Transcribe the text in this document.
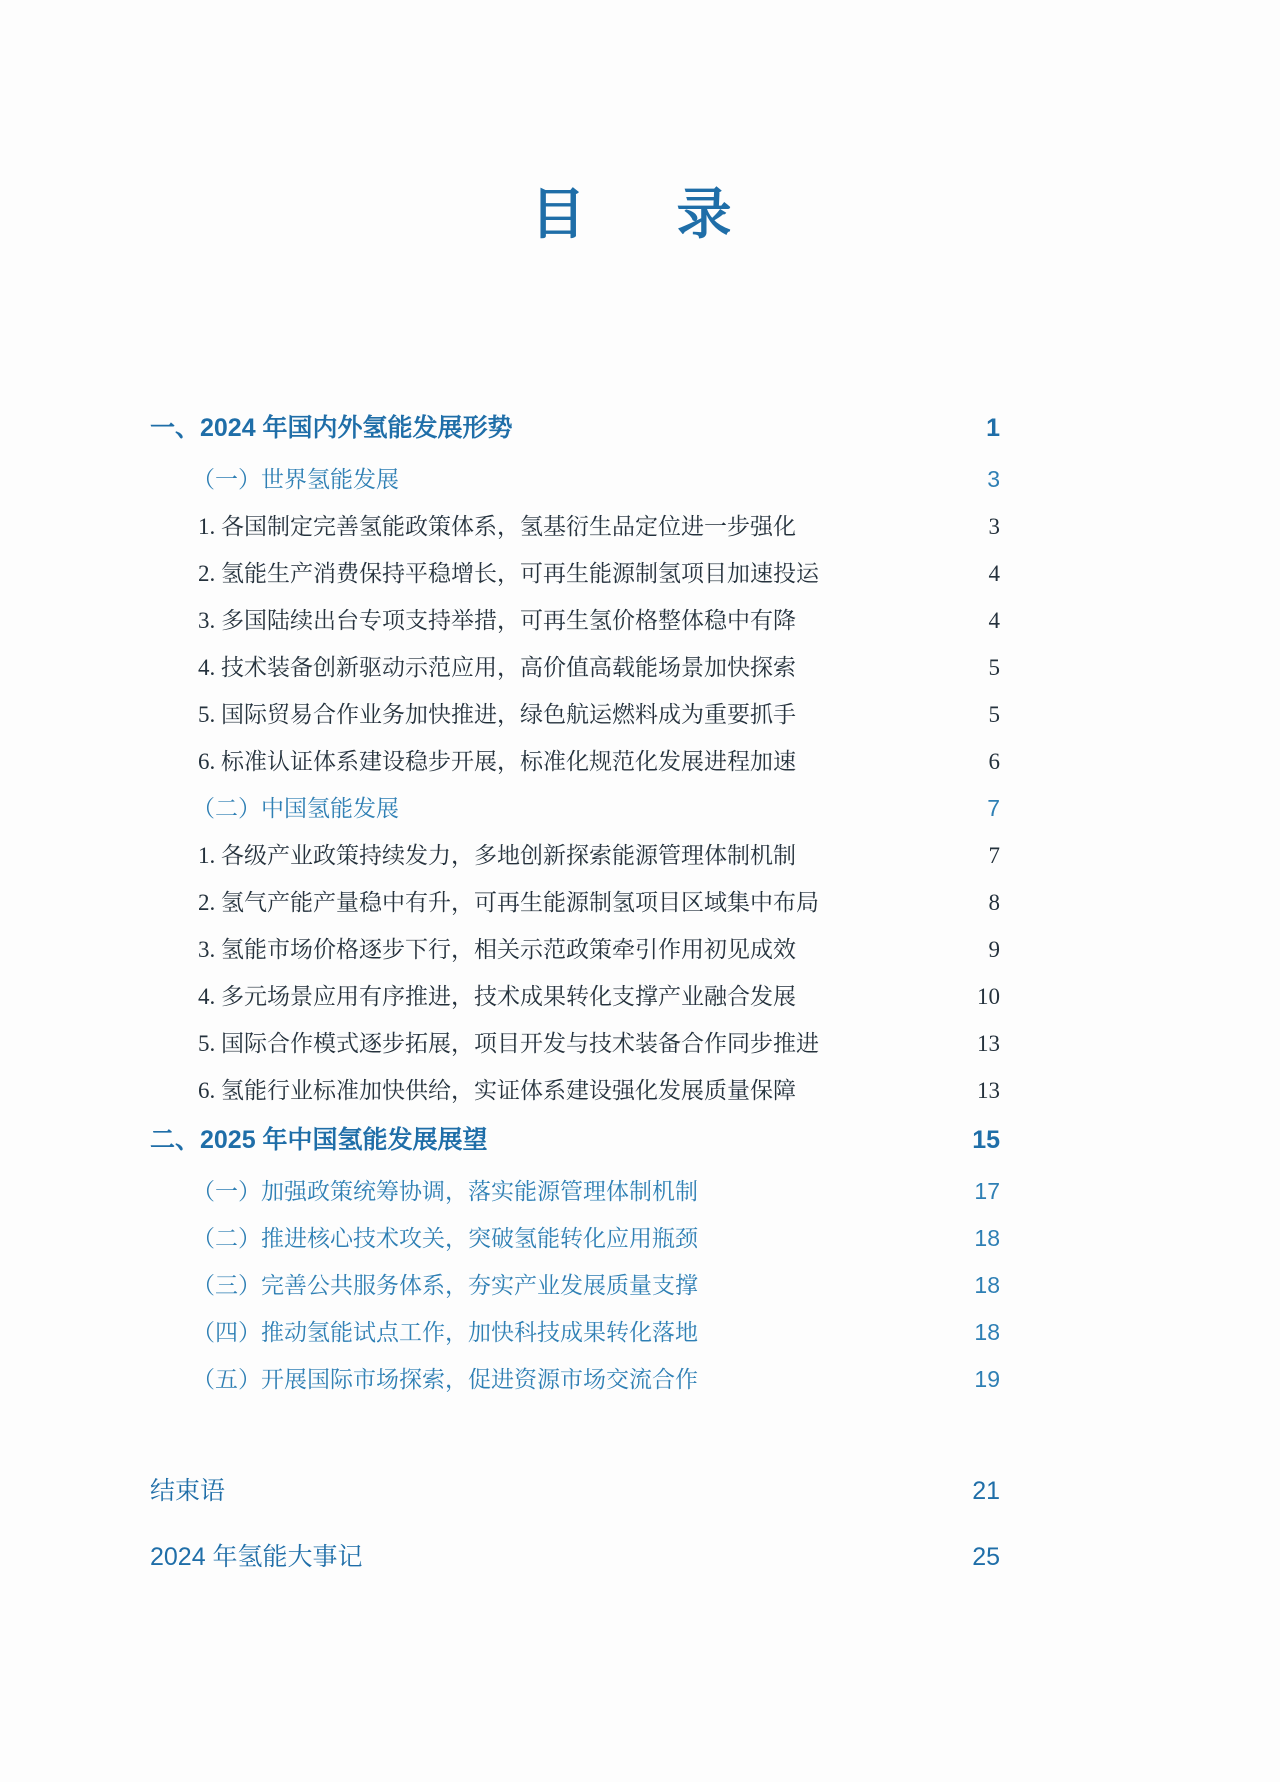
目　录
一、2024 年国内外氢能发展形势	1
（一）世界氢能发展	3
1. 各国制定完善氢能政策体系，氢基衍生品定位进一步强化	3
2. 氢能生产消费保持平稳增长，可再生能源制氢项目加速投运	4
3. 多国陆续出台专项支持举措，可再生氢价格整体稳中有降	4
4. 技术装备创新驱动示范应用，高价值高载能场景加快探索	5
5. 国际贸易合作业务加快推进，绿色航运燃料成为重要抓手	5
6. 标准认证体系建设稳步开展，标准化规范化发展进程加速	6
（二）中国氢能发展	7
1. 各级产业政策持续发力，多地创新探索能源管理体制机制	7
2. 氢气产能产量稳中有升，可再生能源制氢项目区域集中布局	8
3. 氢能市场价格逐步下行，相关示范政策牵引作用初见成效	9
4. 多元场景应用有序推进，技术成果转化支撑产业融合发展	10
5. 国际合作模式逐步拓展，项目开发与技术装备合作同步推进	13
6. 氢能行业标准加快供给，实证体系建设强化发展质量保障	13
二、2025 年中国氢能发展展望	15
（一）加强政策统筹协调，落实能源管理体制机制	17
（二）推进核心技术攻关，突破氢能转化应用瓶颈	18
（三）完善公共服务体系，夯实产业发展质量支撑	18
（四）推动氢能试点工作，加快科技成果转化落地	18
（五）开展国际市场探索，促进资源市场交流合作	19
结束语	21
2024 年氢能大事记	25
